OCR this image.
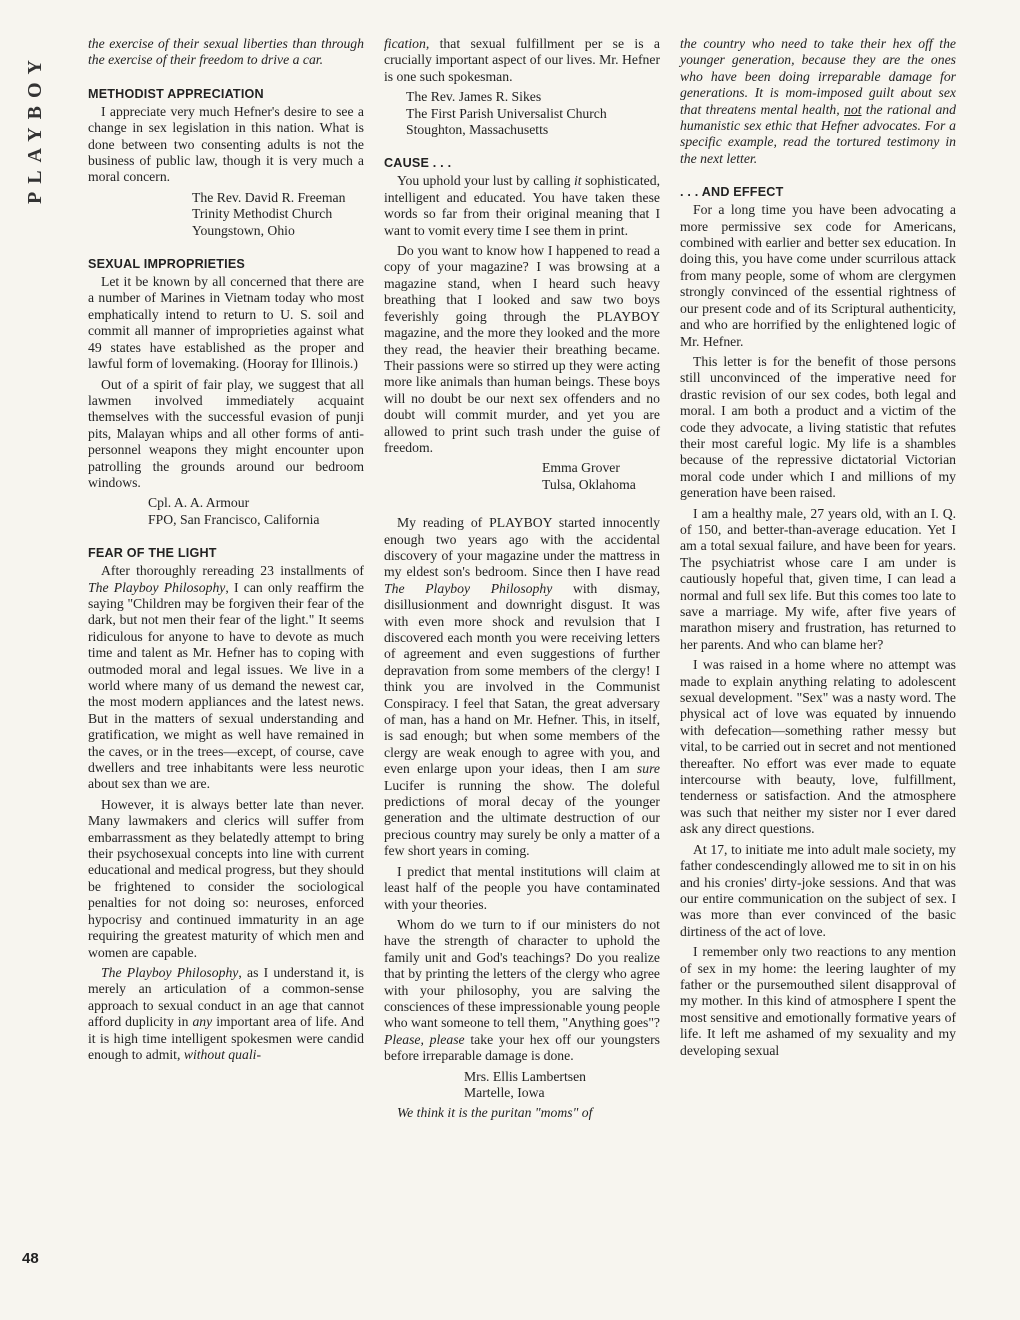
PLAYBOY

the exercise of their sexual liberties than through the exercise of their freedom to drive a car.

METHODIST APPRECIATION

I appreciate very much Hefner's desire to see a change in sex legislation in this nation. What is done between two consenting adults is not the business of public law, though it is very much a moral concern.

The Rev. David R. Freeman
Trinity Methodist Church
Youngstown, Ohio
SEXUAL IMPROPRIETIES

Let it be known by all concerned that there are a number of Marines in Vietnam today who most emphatically intend to return to U. S. soil and commit all manner of improprieties against what 49 states have established as the proper and lawful form of lovemaking. (Hooray for Illinois.)

Out of a spirit of fair play, we suggest that all lawmen involved immediately acquaint themselves with the successful evasion of punji pits, Malayan whips and all other forms of anti-personnel weapons they might encounter upon patrolling the grounds around our bedroom windows.

Cpl. A. A. Armour
FPO, San Francisco, California
FEAR OF THE LIGHT

After thoroughly rereading 23 installments of The Playboy Philosophy, I can only reaffirm the saying "Children may be forgiven their fear of the dark, but not men their fear of the light." It seems ridiculous for anyone to have to devote as much time and talent as Mr. Hefner has to coping with outmoded moral and legal issues. We live in a world where many of us demand the newest car, the most modern appliances and the latest news. But in the matters of sexual understanding and gratification, we might as well have remained in the caves, or in the trees—except, of course, cave dwellers and tree inhabitants were less neurotic about sex than we are.

However, it is always better late than never. Many lawmakers and clerics will suffer from embarrassment as they belatedly attempt to bring their psychosexual concepts into line with current educational and medical progress, but they should be frightened to consider the sociological penalties for not doing so: neuroses, enforced hypocrisy and continued immaturity in an age requiring the greatest maturity of which men and women are capable.

The Playboy Philosophy, as I understand it, is merely an articulation of a common-sense approach to sexual conduct in an age that cannot afford duplicity in any important area of life. And it is high time intelligent spokesmen were candid enough to admit, without quali-

fication, that sexual fulfillment per se is a crucially important aspect of our lives. Mr. Hefner is one such spokesman.

The Rev. James R. Sikes
The First Parish Universalist Church
Stoughton, Massachusetts
CAUSE . . .

You uphold your lust by calling it sophisticated, intelligent and educated. You have taken these words so far from their original meaning that I want to vomit every time I see them in print.

Do you want to know how I happened to read a copy of your magazine? I was browsing at a magazine stand, when I heard such heavy breathing that I looked and saw two boys feverishly going through the PLAYBOY magazine, and the more they looked and the more they read, the heavier their breathing became. Their passions were so stirred up they were acting more like animals than human beings. These boys will no doubt be our next sex offenders and no doubt will commit murder, and yet you are allowed to print such trash under the guise of freedom.

Emma Grover
Tulsa, Oklahoma

My reading of PLAYBOY started innocently enough two years ago with the accidental discovery of your magazine under the mattress in my eldest son's bedroom. Since then I have read The Playboy Philosophy with dismay, disillusionment and downright disgust. It was with even more shock and revulsion that I discovered each month you were receiving letters of agreement and even suggestions of further depravation from some members of the clergy! I think you are involved in the Communist Conspiracy. I feel that Satan, the great adversary of man, has a hand on Mr. Hefner. This, in itself, is sad enough; but when some members of the clergy are weak enough to agree with you, and even enlarge upon your ideas, then I am sure Lucifer is running the show. The doleful predictions of moral decay of the younger generation and the ultimate destruction of our precious country may surely be only a matter of a few short years in coming.

I predict that mental institutions will claim at least half of the people you have contaminated with your theories.

Whom do we turn to if our ministers do not have the strength of character to uphold the family unit and God's teachings? Do you realize that by printing the letters of the clergy who agree with your philosophy, you are salving the consciences of these impressionable young people who want someone to tell them, "Anything goes"? Please, please take your hex off our youngsters before irreparable damage is done.

Mrs. Ellis Lambertsen
Martelle, Iowa

We think it is the puritan "moms" of

the country who need to take their hex off the younger generation, because they are the ones who have been doing irreparable damage for generations. It is mom-imposed guilt about sex that threatens mental health, not the rational and humanistic sex ethic that Hefner advocates. For a specific example, read the tortured testimony in the next letter.

. . . AND EFFECT

For a long time you have been advocating a more permissive sex code for Americans, combined with earlier and better sex education. In doing this, you have come under scurrilous attack from many people, some of whom are clergymen strongly convinced of the essential rightness of our present code and of its Scriptural authenticity, and who are horrified by the enlightened logic of Mr. Hefner.

This letter is for the benefit of those persons still unconvinced of the imperative need for drastic revision of our sex codes, both legal and moral. I am both a product and a victim of the code they advocate, a living statistic that refutes their most careful logic. My life is a shambles because of the repressive dictatorial Victorian moral code under which I and millions of my generation have been raised.

I am a healthy male, 27 years old, with an I. Q. of 150, and better-than-average education. Yet I am a total sexual failure, and have been for years. The psychiatrist whose care I am under is cautiously hopeful that, given time, I can lead a normal and full sex life. But this comes too late to save a marriage. My wife, after five years of marathon misery and frustration, has returned to her parents. And who can blame her?

I was raised in a home where no attempt was made to explain anything relating to adolescent sexual development. "Sex" was a nasty word. The physical act of love was equated by innuendo with defecation—something rather messy but vital, to be carried out in secret and not mentioned thereafter. No effort was ever made to equate intercourse with beauty, love, fulfillment, tenderness or satisfaction. And the atmosphere was such that neither my sister nor I ever dared ask any direct questions.

At 17, to initiate me into adult male society, my father condescendingly allowed me to sit in on his and his cronies' dirty-joke sessions. And that was our entire communication on the subject of sex. I was more than ever convinced of the basic dirtiness of the act of love.

I remember only two reactions to any mention of sex in my home: the leering laughter of my father or the pursemouthed silent disapproval of my mother. In this kind of atmosphere I spent the most sensitive and emotionally formative years of life. It left me ashamed of my sexuality and my developing sexual

48
